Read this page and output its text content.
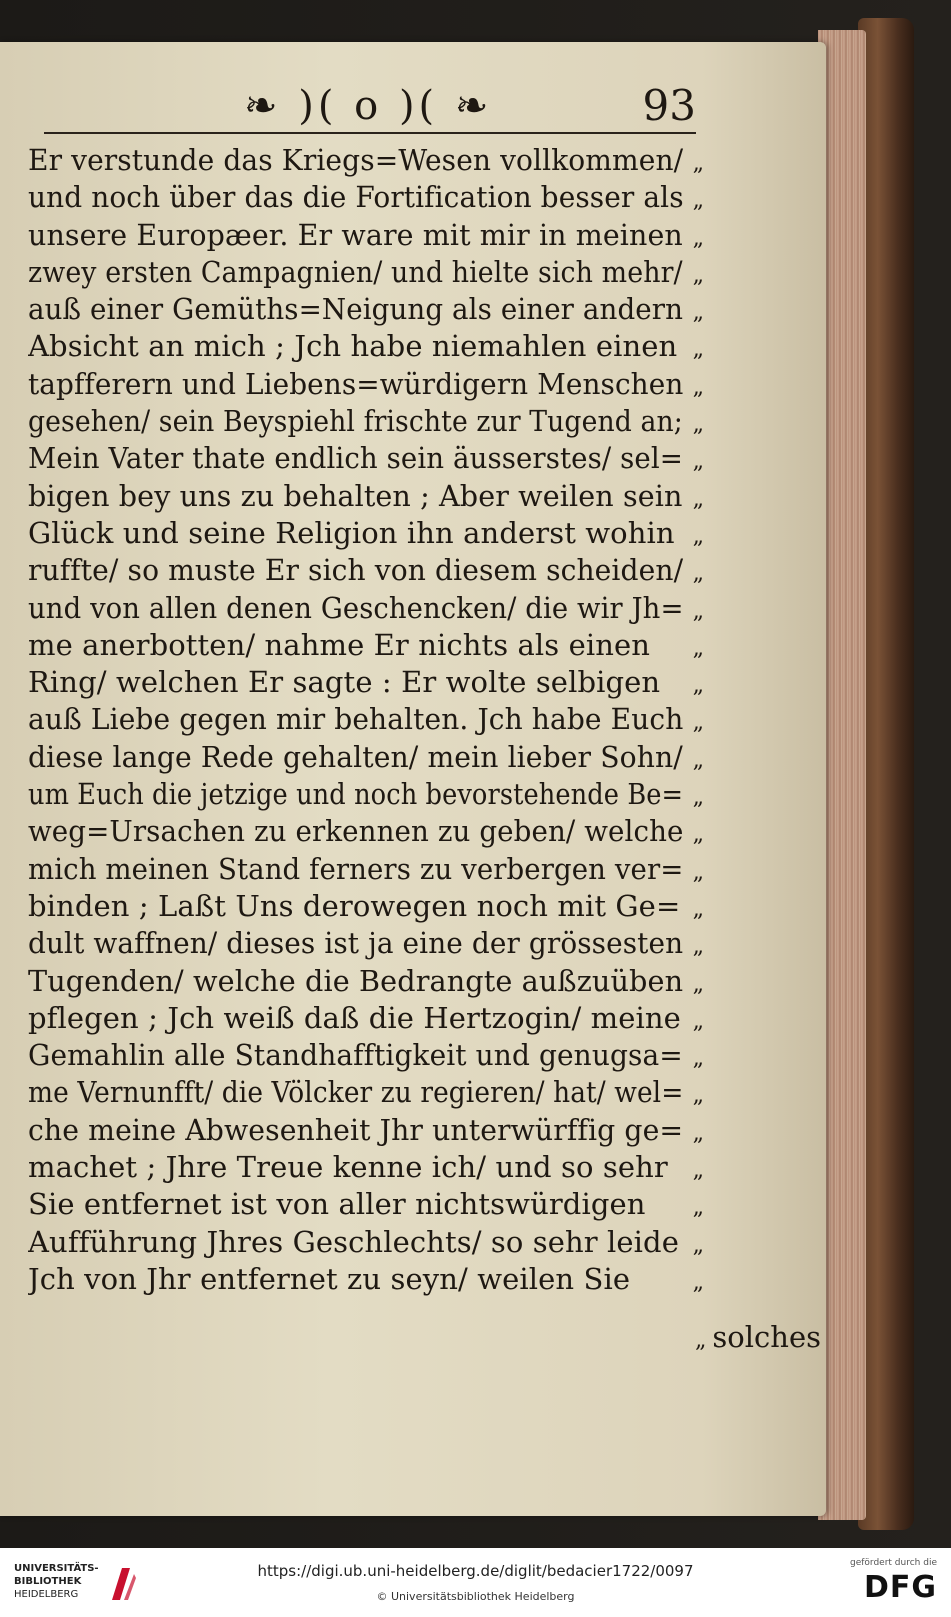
❧ )( o )( ❧	93
Er verstunde das Kriegs=Wesen vollkommen/ „
und noch über das die Fortification besser als „
unsere Europæer. Er ware mit mir in meinen „
zwey ersten Campagnien/ und hielte sich mehr/ „
auß einer Gemüths=Neigung als einer andern „
Absicht an mich ; Jch habe niemahlen einen „
tapfferern und Liebens=würdigern Menschen „
gesehen/ sein Beyspiehl frischte zur Tugend an; „
Mein Vater thate endlich sein äusserstes/ sel= „
bigen bey uns zu behalten ; Aber weilen sein „
Glück und seine Religion ihn anderst wohin „
ruffte/ so muste Er sich von diesem scheiden/ „
und von allen denen Geschencken/ die wir Jh= „
me anerbotten/ nahme Er nichts als einen „
Ring/ welchen Er sagte : Er wolte selbigen „
auß Liebe gegen mir behalten. Jch habe Euch „
diese lange Rede gehalten/ mein lieber Sohn/ „
um Euch die jetzige und noch bevorstehende Be= „
weg=Ursachen zu erkennen zu geben/ welche „
mich meinen Stand ferners zu verbergen ver= „
binden ; Laßt Uns derowegen noch mit Ge= „
dult waffnen/ dieses ist ja eine der grössesten „
Tugenden/ welche die Bedrangte außzuüben „
pflegen ; Jch weiß daß die Hertzogin/ meine „
Gemahlin alle Standhafftigkeit und genugsa= „
me Vernunfft/ die Völcker zu regieren/ hat/ wel= „
che meine Abwesenheit Jhr unterwürffig ge= „
machet ; Jhre Treue kenne ich/ und so sehr „
Sie entfernet ist von aller nichtswürdigen „
Aufführung Jhres Geschlechts/ so sehr leide „
Jch von Jhr entfernet zu seyn/ weilen Sie	„
„ solches
UNIVERSITÄTS-
BIBLIOTHEK
HEIDELBERG
https://digi.ub.uni-heidelberg.de/diglit/bedacier1722/0097
© Universitätsbibliothek Heidelberg
gefördert durch die
DFG
